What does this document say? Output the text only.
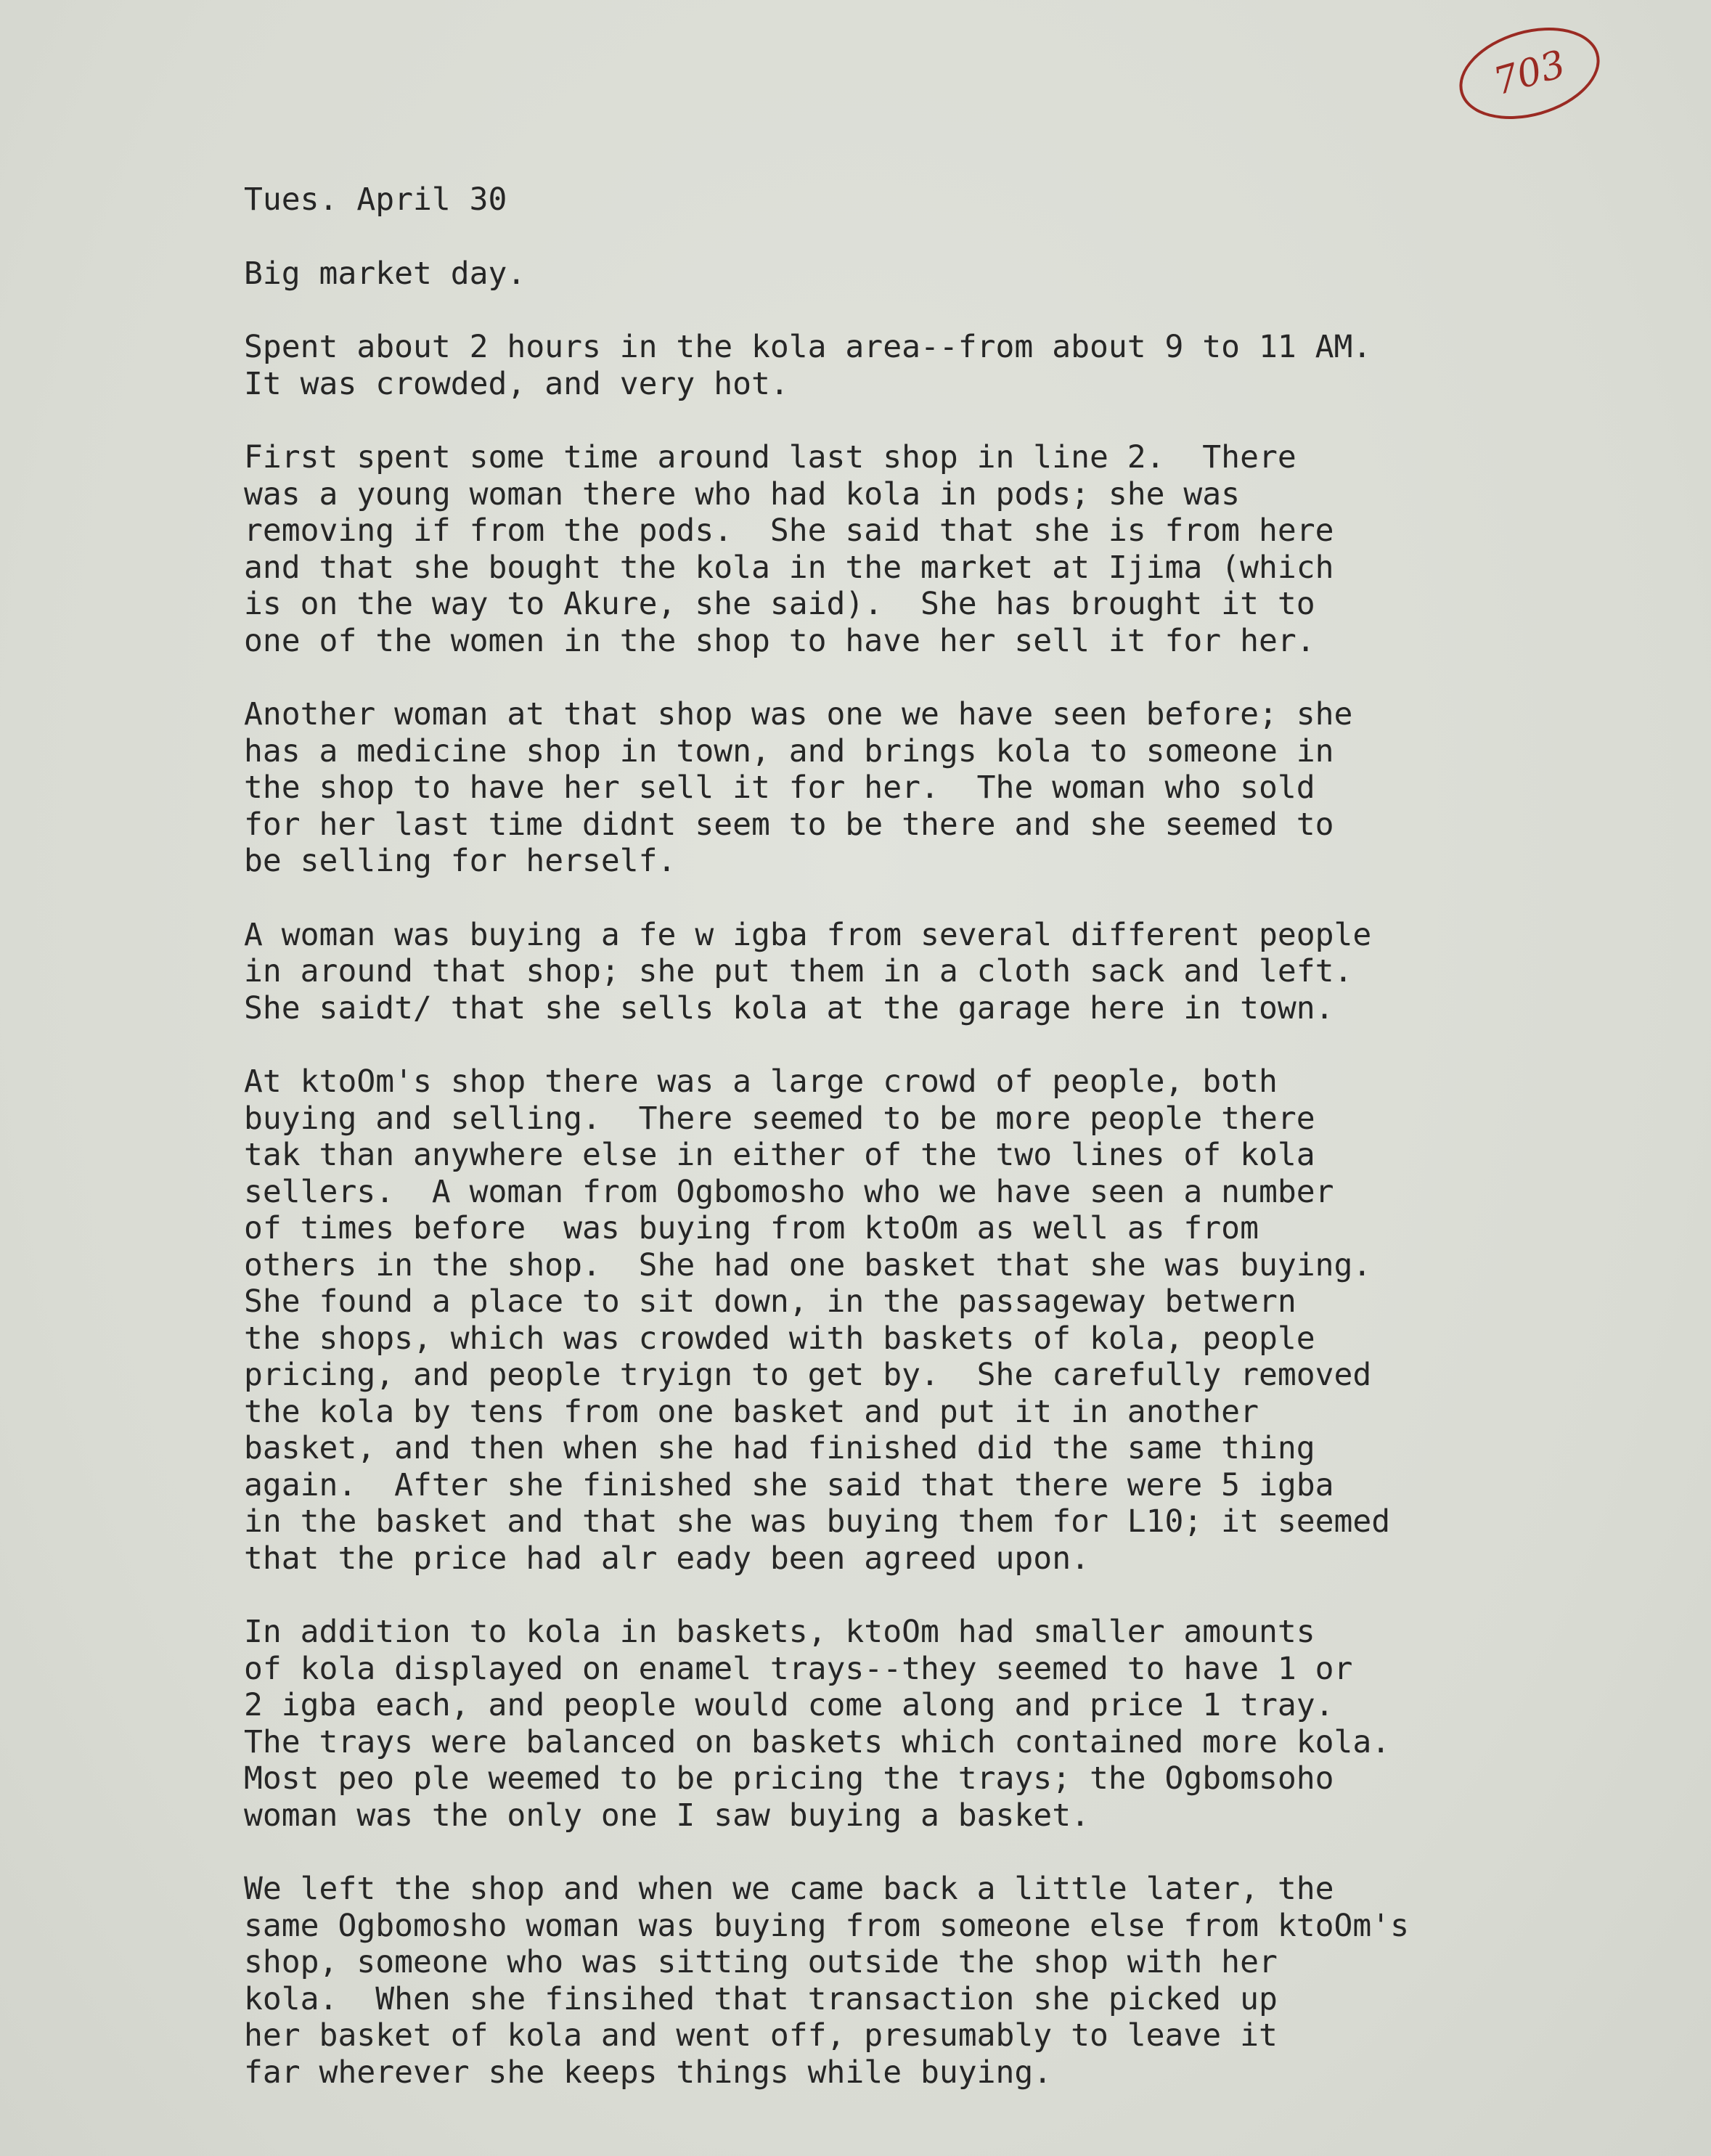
703
Tues. April 30
Big market day.
Spent about 2 hours in the kola area--from about 9 to 11 AM.
It was crowded, and very hot.
First spent some time around last shop in line 2.  There
was a young woman there who had kola in pods; she was
removing if from the pods.  She said that she is from here
and that she bought the kola in the market at Ijima (which
is on the way to Akure, she said).  She has brought it to
one of the women in the shop to have her sell it for her.
Another woman at that shop was one we have seen before; she
has a medicine shop in town, and brings kola to someone in
the shop to have her sell it for her.  The woman who sold
for her last time didnt seem to be there and she seemed to
be selling for herself.
A woman was buying a fe w igba from several different people
in around that shop; she put them in a cloth sack and left.
She saidt/ that she sells kola at the garage here in town.
At ktoOm's shop there was a large crowd of people, both
buying and selling.  There seemed to be more people there
tak than anywhere else in either of the two lines of kola
sellers.  A woman from Ogbomosho who we have seen a number
of times before  was buying from ktoOm as well as from
others in the shop.  She had one basket that she was buying.
She found a place to sit down, in the passageway betwern
the shops, which was crowded with baskets of kola, people
pricing, and people tryign to get by.  She carefully removed
the kola by tens from one basket and put it in another
basket, and then when she had finished did the same thing
again.  After she finished she said that there were 5 igba
in the basket and that she was buying them for L10; it seemed
that the price had alr eady been agreed upon.
In addition to kola in baskets, ktoOm had smaller amounts
of kola displayed on enamel trays--they seemed to have 1 or
2 igba each, and people would come along and price 1 tray.
The trays were balanced on baskets which contained more kola.
Most peo ple weemed to be pricing the trays; the Ogbomsoho
woman was the only one I saw buying a basket.
We left the shop and when we came back a little later, the
same Ogbomosho woman was buying from someone else from ktoOm's
shop, someone who was sitting outside the shop with her
kola.  When she finsihed that transaction she picked up
her basket of kola and went off, presumably to leave it
far wherever she keeps things while buying.
